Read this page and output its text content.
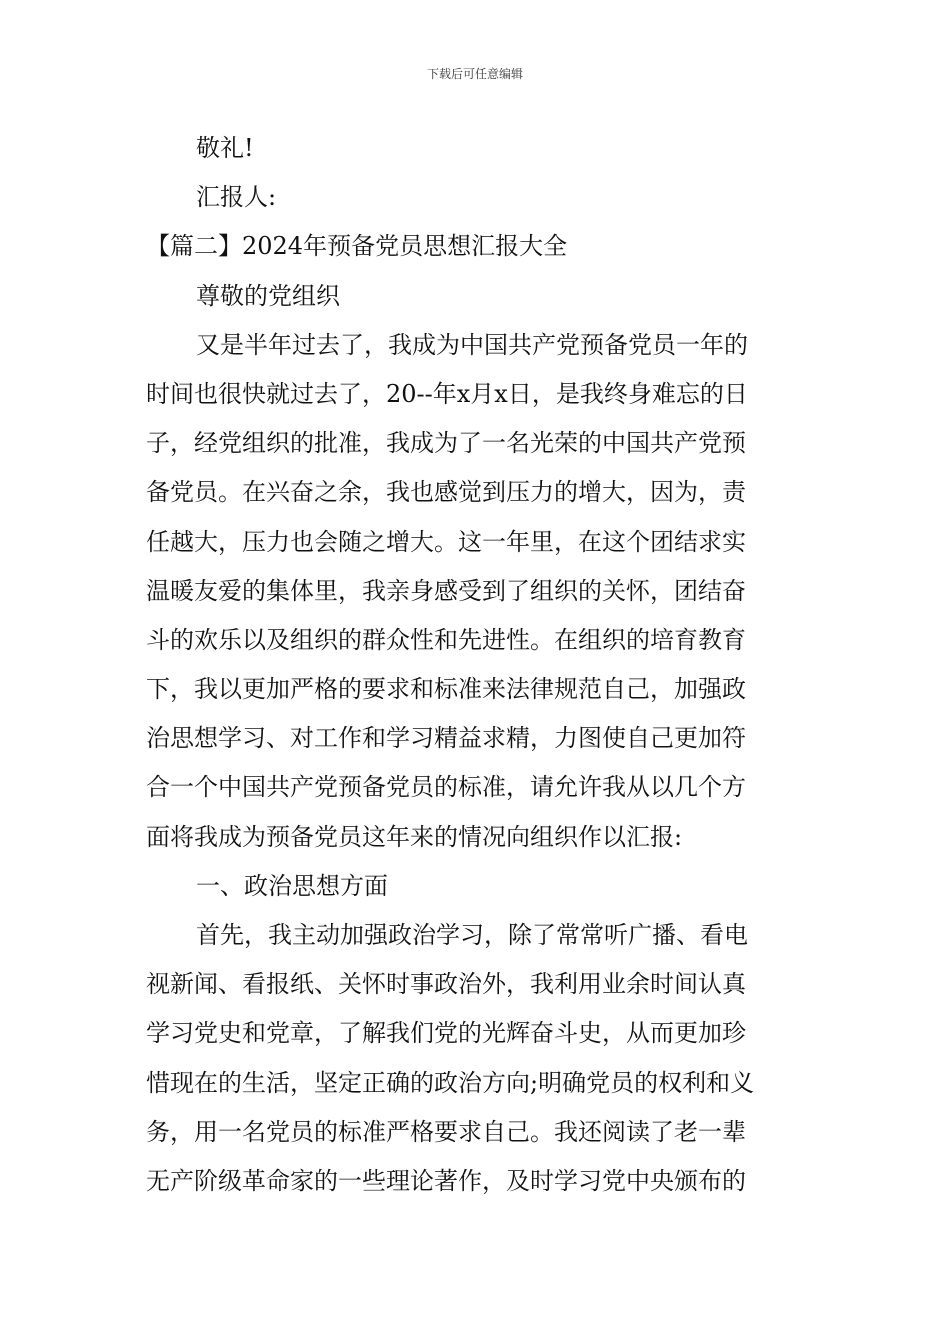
下载后可任意编辑
敬礼!
汇报人:
【篇二】2024年预备党员思想汇报大全
尊敬的党组织
又是半年过去了，我成为中国共产党预备党员一年的
时间也很快就过去了，20--年x月x日，是我终身难忘的日
子，经党组织的批准，我成为了一名光荣的中国共产党预
备党员。在兴奋之余，我也感觉到压力的增大，因为，责
任越大，压力也会随之增大。这一年里，在这个团结求实
温暖友爱的集体里，我亲身感受到了组织的关怀，团结奋
斗的欢乐以及组织的群众性和先进性。在组织的培育教育
下，我以更加严格的要求和标准来法律规范自己，加强政
治思想学习、对工作和学习精益求精，力图使自己更加符
合一个中国共产党预备党员的标准，请允许我从以几个方
面将我成为预备党员这年来的情况向组织作以汇报:
一、政治思想方面
首先，我主动加强政治学习，除了常常听广播、看电
视新闻、看报纸、关怀时事政治外，我利用业余时间认真
学习党史和党章，了解我们党的光辉奋斗史，从而更加珍
惜现在的生活，坚定正确的政治方向;明确党员的权利和义
务，用一名党员的标准严格要求自己。我还阅读了老一辈
无产阶级革命家的一些理论著作，及时学习党中央颁布的
